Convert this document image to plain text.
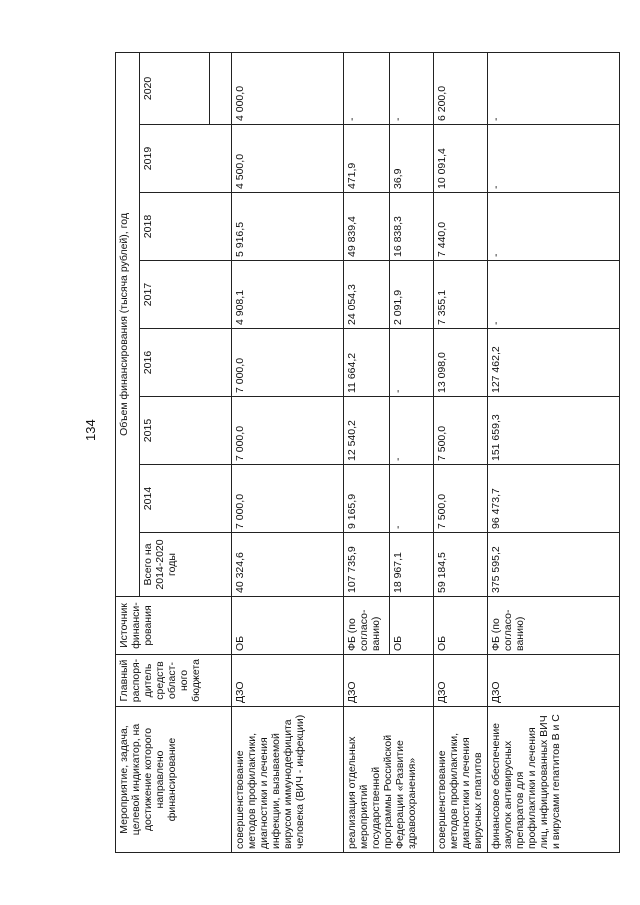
134
Мероприятие, задача, целевой индикатор, на достижение которого направлено финансирование	Главный распоря-дитель средств област-ного бюджета	Источник финанси-рования	Объем финансирования (тысяча рублей), год							
			Всего на 2014-2020 годы	2014	2015	2016	2017	2018	2019	2020

совершенствование методов профилактики, диагностики и лечения инфекции, вызываемой вирусом иммунодефицита человека (ВИЧ - инфекции)	ДЗО	ОБ	40 324,6	7 000,0	7 000,0	7 000,0	4 908,1	5 916,5	4 500,0	4 000,0
реализация отдельных мероприятий государственной программы Российской Федерации «Развитие здравоохранения»	ДЗО	ФБ (по согласо-ванию)	107 735,9	9 165,9	12 540,2	11 664,2	24 054,3	49 839,4	471,9	-
		ОБ	18 967,1	-	-	-	2 091,9	16 838,3	36,9	-
совершенствование методов профилактики, диагностики и лечения вирусных гепатитов	ДЗО	ОБ	59 184,5	7 500,0	7 500,0	13 098,0	7 355,1	7 440,0	10 091,4	6 200,0
финансовое обеспечение закупок антивирусных препаратов для профилактики и лечения лиц, инфицированных ВИЧ и вирусами гепатитов В и С	ДЗО	ФБ (по согласо-ванию)	375 595,2	96 473,7	151 659,3	127 462,2	-	-	-	-
